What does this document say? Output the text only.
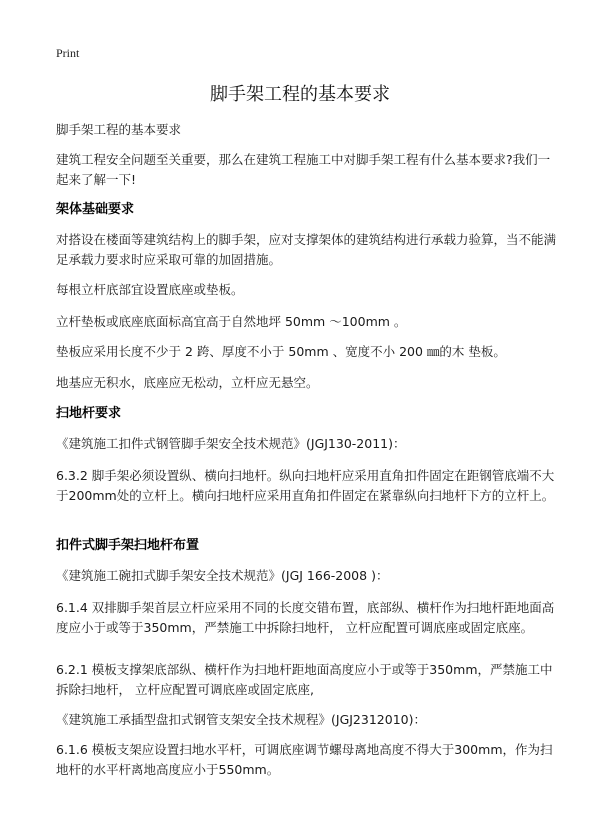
Print
脚手架工程的基本要求

脚手架工程的基本要求

建筑工程安全问题至关重要，那么在建筑工程施工中对脚手架工程有什么基本要求?我们一起来了解一下!

架体基础要求

对搭设在楼面等建筑结构上的脚手架，应对支撑架体的建筑结构进行承载力验算，当不能满足承载力要求时应采取可靠的加固措施。

每根立杆底部宜设置底座或垫板。

立杆垫板或底座底面标高宜高于自然地坪 50mm ～100mm 。

垫板应采用长度不少于 2 跨、厚度不小于 50mm 、宽度不小 200 ㎜的木 垫板。

地基应无积水，底座应无松动，立杆应无悬空。

扫地杆要求

《建筑施工扣件式钢管脚手架安全技术规范》(JGJ130-2011)：

6.3.2 脚手架必须设置纵、横向扫地杆。纵向扫地杆应采用直角扣件固定在距钢管底端不大于200mm处的立杆上。横向扫地杆应采用直角扣件固定在紧靠纵向扫地杆下方的立杆上。

扣件式脚手架扫地杆布置

《建筑施工碗扣式脚手架安全技术规范》(JGJ 166-2008 )：

6.1.4 双排脚手架首层立杆应采用不同的长度交错布置，底部纵、横杆作为扫地杆距地面高度应小于或等于350mm，严禁施工中拆除扫地杆， 立杆应配置可调底座或固定底座。

6.2.1 模板支撑架底部纵、横杆作为扫地杆距地面高度应小于或等于350mm，严禁施工中拆除扫地杆， 立杆应配置可调底座或固定底座,

《建筑施工承插型盘扣式钢管支架安全技术规程》(JGJ2312010)：

6.1.6 模板支架应设置扫地水平杆，可调底座调节螺母离地高度不得大于300mm，作为扫地杆的水平杆离地高度应小于550mm。
